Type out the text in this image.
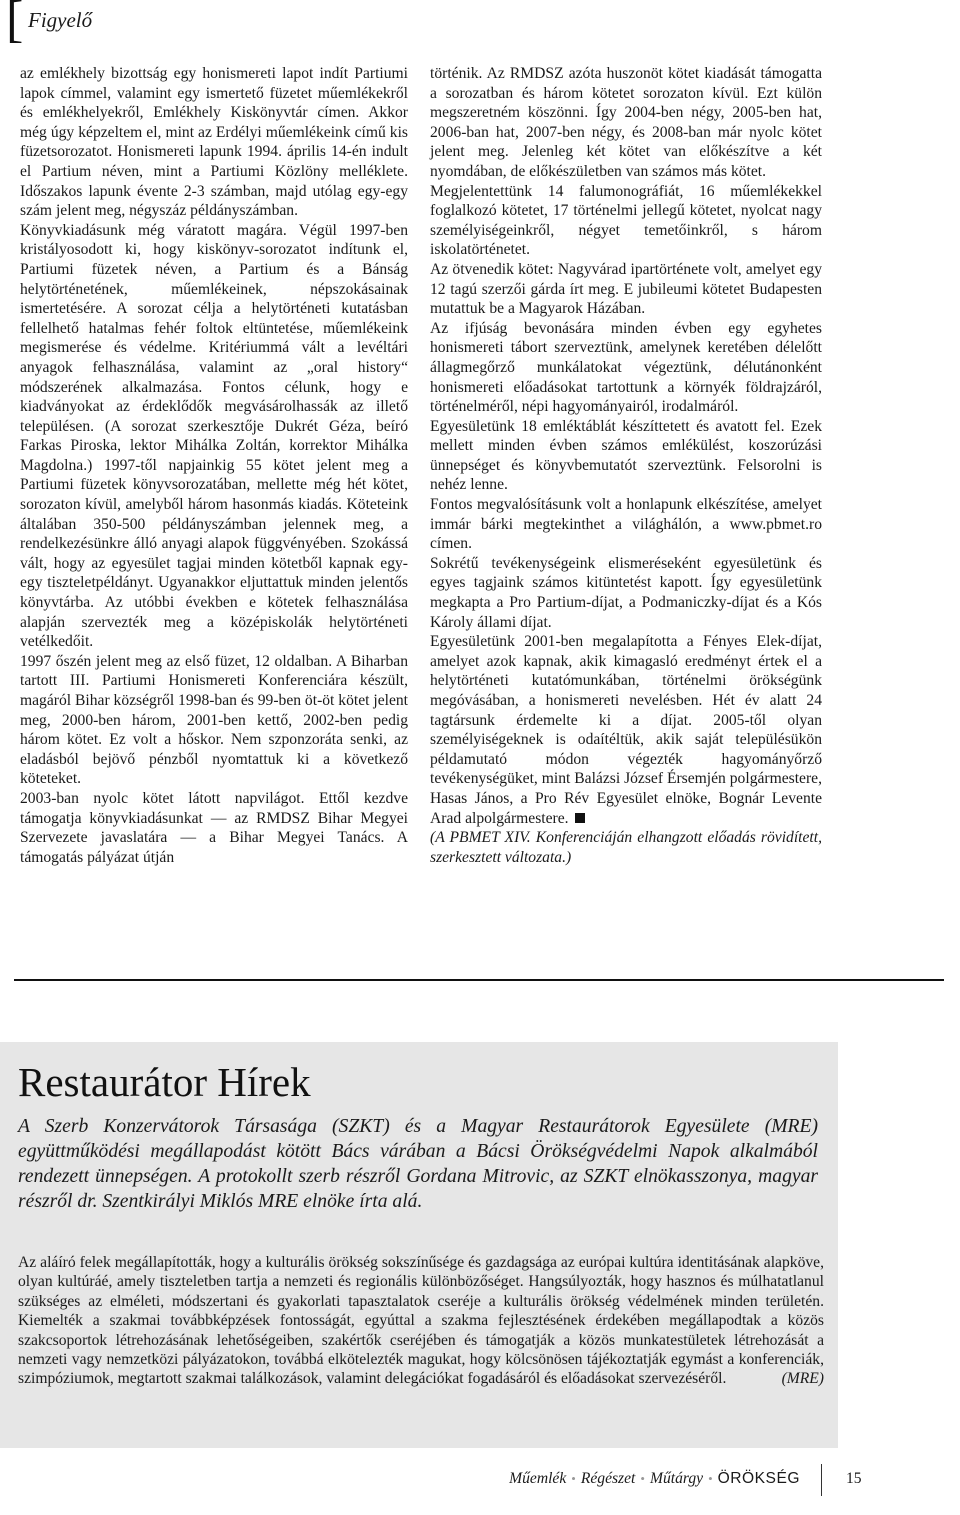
[ Figyelő

az emlékhely bizottság egy honismereti lapot indít Partiumi lapok címmel, valamint egy ismertető füzetet műemlékekről és emlékhelyekről, Emlékhely Kiskönyvtár címen. Akkor még úgy képzeltem el, mint az Erdélyi műemlékeink című kis füzetsorozatot. Honismereti lapunk 1994. április 14-én indult el Partium néven, mint a Partiumi Közlöny melléklete. Időszakos lapunk évente 2-3 számban, majd utólag egy-egy szám jelent meg, négyszáz példányszámban.

Könyvkiadásunk még váratott magára. Végül 1997-ben kristályosodott ki, hogy kiskönyv-sorozatot indítunk el, Partiumi füzetek néven, a Partium és a Bánság helytörténetének, műemlékeinek, népszokásainak ismertetésére. A sorozat célja a helytörténeti kutatásban fellelhető hatalmas fehér foltok eltüntetése, műemlékeink megismerése és védelme. Kritériummá vált a levéltári anyagok felhasználása, valamint az „oral history“ módszerének alkalmazása. Fontos célunk, hogy e kiadványokat az érdeklődők megvásárolhassák az illető településen. (A sorozat szerkesztője Dukrét Géza, beíró Farkas Piroska, lektor Mihálka Zoltán, korrektor Mihálka Magdolna.) 1997-től napjainkig 55 kötet jelent meg a Partiumi füzetek könyvsorozatában, mellette még hét kötet, sorozaton kívül, amelyből három hasonmás kiadás. Köteteink általában 350-500 példányszámban jelennek meg, a rendelkezésünkre álló anyagi alapok függvényében. Szokássá vált, hogy az egyesület tagjai minden kötetből kapnak egy-egy tiszteletpéldányt. Ugyanakkor eljuttattuk minden jelentős könyvtárba. Az utóbbi években e kötetek felhasználása alapján szervezték meg a középiskolák helytörténeti vetélkedőit.

1997 őszén jelent meg az első füzet, 12 oldalban. A Biharban tartott III. Partiumi Honismereti Konferenciára készült, magáról Bihar községről 1998-ban és 99-ben öt-öt kötet jelent meg, 2000-ben három, 2001-ben kettő, 2002-ben pedig három kötet. Ez volt a hőskor. Nem szponzoráta senki, az eladásból bejövő pénzből nyomtattuk ki a következő köteteket.

2003-ban nyolc kötet látott napvilágot. Ettől kezdve támogatja könyvkiadásunkat — az RMDSZ Bihar Megyei Szervezete javaslatára — a Bihar Megyei Tanács. A támogatás pályázat útján

történik. Az RMDSZ azóta huszonöt kötet kiadását támogatta a sorozatban és három kötetet sorozaton kívül. Ezt külön megszeretném köszönni. Így 2004-ben négy, 2005-ben hat, 2006-ban hat, 2007-ben négy, és 2008-ban már nyolc kötet jelent meg. Jelenleg két kötet van előkészítve a két nyomdában, de előkészületben van számos más kötet.

Megjelentettünk 14 falumonográfiát, 16 műemlékekkel foglalkozó kötetet, 17 történelmi jellegű kötetet, nyolcat nagy személyiségeinkről, négyet temetőinkről, s három iskolatörténetet.

Az ötvenedik kötet: Nagyvárad ipartörténete volt, amelyet egy 12 tagú szerzői gárda írt meg. E jubileumi kötetet Budapesten mutattuk be a Magyarok Házában.

Az ifjúság bevonására minden évben egy egyhetes honismereti tábort szerveztünk, amelynek keretében délelőtt állagmegőrző munkálatokat végeztünk, délutánonként honismereti előadásokat tartottunk a környék földrajzáról, történelméről, népi hagyományairól, irodalmáról.

Egyesületünk 18 emléktáblát készíttetett és avatott fel. Ezek mellett minden évben számos emlékülést, koszorúzási ünnepséget és könyvbemutatót szerveztünk. Felsorolni is nehéz lenne.

Fontos megvalósításunk volt a honlapunk elkészítése, amelyet immár bárki megtekinthet a világhálón, a www.pbmet.ro címen.

Sokrétű tevékenységeink elismeréseként egyesületünk és egyes tagjaink számos kitüntetést kapott. Így egyesületünk megkapta a Pro Partium-díjat, a Podmaniczky-díjat és a Kós Károly állami díjat.

Egyesületünk 2001-ben megalapította a Fényes Elek-díjat, amelyet azok kapnak, akik kimagasló eredményt értek el a helytörténeti kutatómunkában, történelmi örökségünk megóvásában, a honismereti nevelésben. Hét év alatt 24 tagtársunk érdemelte ki a díjat. 2005-től olyan személyiségeknek is odaítéltük, akik saját településükön példamutató módon végezték hagyományőrző tevékenységüket, mint Balázsi József Érsemjén polgármestere, Hasas János, a Pro Rév Egyesület elnöke, Bognár Levente Arad alpolgármestere.

(A PBMET XIV. Konferenciáján elhangzott előadás rövidített, szerkesztett változata.)

Restaurátor Hírek
A Szerb Konzervátorok Társasága (SZKT) és a Magyar Restaurátorok Egyesülete (MRE) együttműködési megállapodást kötött Bács várában a Bácsi Örökségvédelmi Napok alkalmából rendezett ünnepségen. A protokollt szerb részről Gordana Mitrovic, az SZKT elnökasszonya, magyar részről dr. Szentkirályi Miklós MRE elnöke írta alá.
Az aláíró felek megállapították, hogy a kulturális örökség sokszínűsége és gazdagsága az európai kultúra identitásának alapköve, olyan kultúráé, amely tiszteletben tartja a nemzeti és regionális különbözőséget. Hangsúlyozták, hogy hasznos és múlhatatlanul szükséges az elméleti, módszertani és gyakorlati tapasztalatok cseréje a kulturális örökség védelmének minden területén. Kiemelték a szakmai továbbképzések fontosságát, egyúttal a szakma fejlesztésének érdekében megállapodtak a közös szakcsoportok létrehozásának lehetőségeiben, szakértők cseréjében és támogatják a közös munkatestületek létrehozását a nemzeti vagy nemzetközi pályázatokon, továbbá elkötelezték magukat, hogy kölcsönösen tájékoztatják egymást a konferenciák, szimpóziumok, megtartott szakmai találkozások, valamint delegációkat fogadásáról és előadásokat szervezéséről.	(MRE)
Műemlék • Régészet • Műtárgy • ÖRÖKSÉG	15
